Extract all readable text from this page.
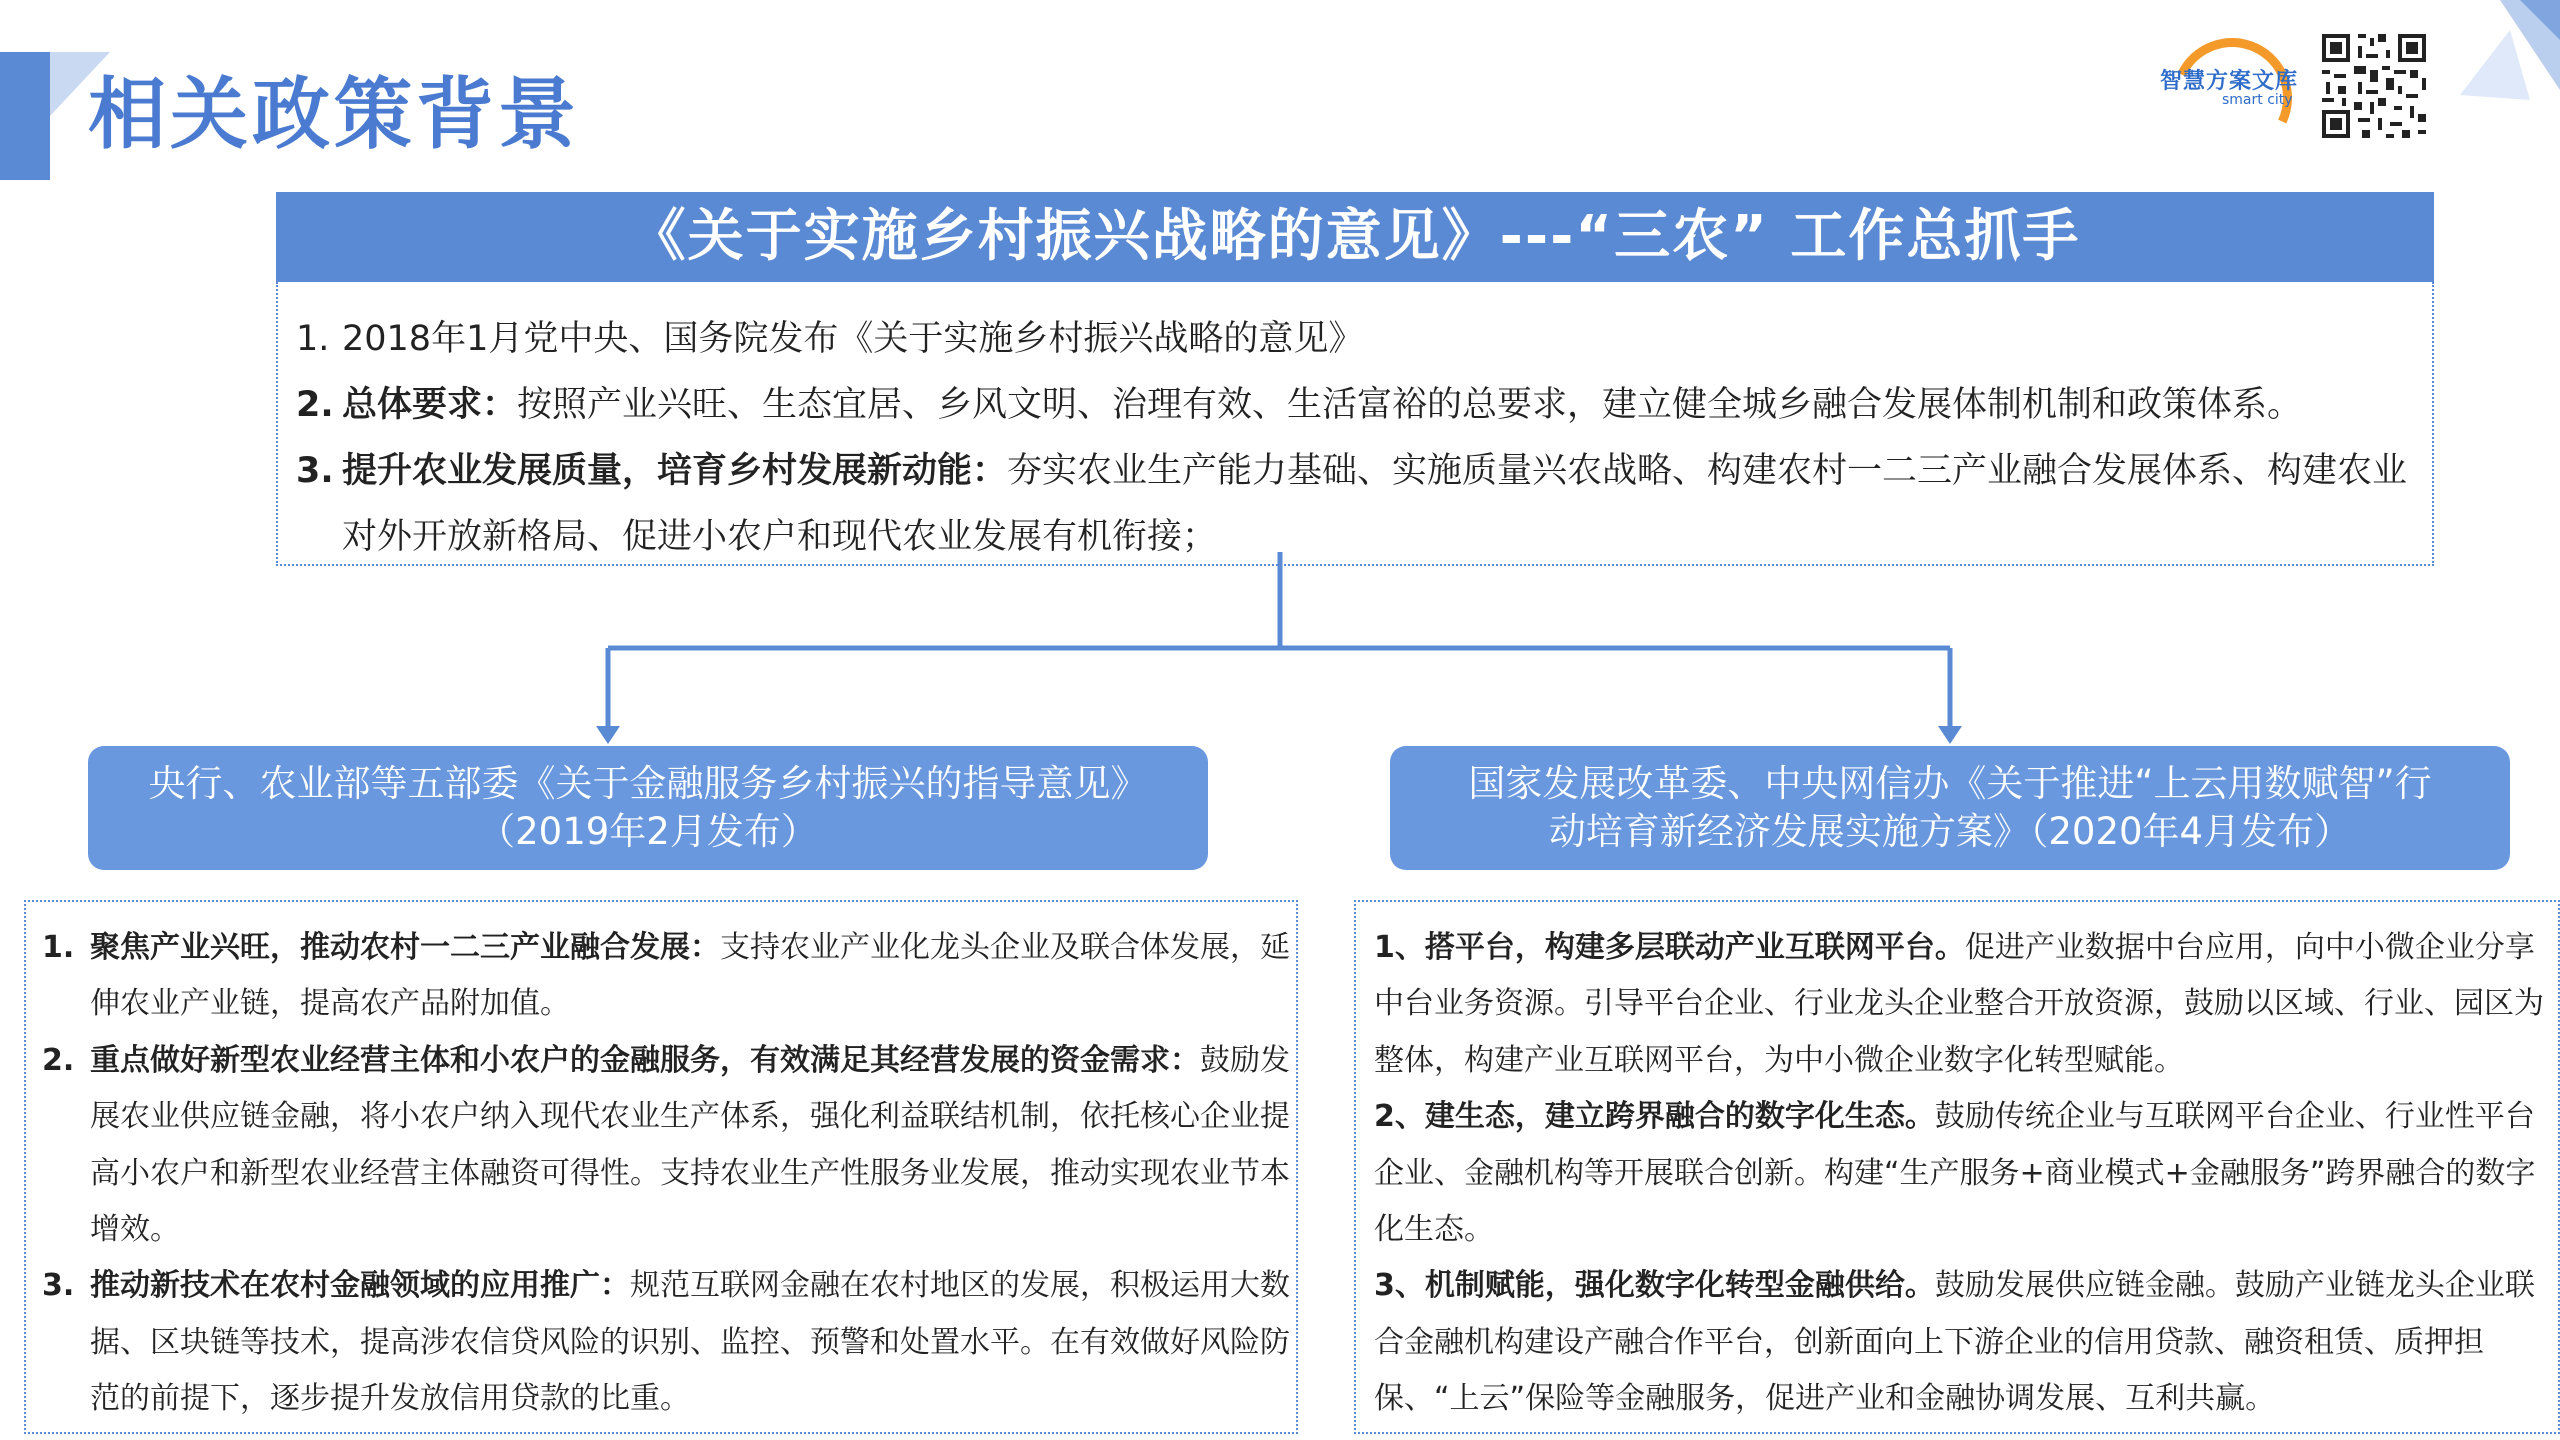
相关政策背景	智慧方案文库
smart city
《关于实施乡村振兴战略的意见》---“三农” 工作总抓手
1. 2018年1月党中央、国务院发布《关于实施乡村振兴战略的意见》
2. 总体要求：按照产业兴旺、生态宜居、乡风文明、治理有效、生活富裕的总要求，建立健全城乡融合发展体制机制和政策体系。
3. 提升农业发展质量，培育乡村发展新动能：夯实农业生产能力基础、实施质量兴农战略、构建农村一二三产业融合发展体系、构建农业对外开放新格局、促进小农户和现代农业发展有机衔接；
央行、农业部等五部委《关于金融服务乡村振兴的指导意见》
（2019年2月发布）
1. 聚焦产业兴旺，推动农村一二三产业融合发展：支持农业产业化龙头企业及联合体发展，延伸农业产业链，提高农产品附加值。
2. 重点做好新型农业经营主体和小农户的金融服务，有效满足其经营发展的资金需求：鼓励发展农业供应链金融，将小农户纳入现代农业生产体系，强化利益联结机制，依托核心企业提高小农户和新型农业经营主体融资可得性。支持农业生产性服务业发展，推动实现农业节本增效。
3. 推动新技术在农村金融领域的应用推广：规范互联网金融在农村地区的发展，积极运用大数据、区块链等技术，提高涉农信贷风险的识别、监控、预警和处置水平。在有效做好风险防范的前提下，逐步提升发放信用贷款的比重。
国家发展改革委、中央网信办《关于推进“上云用数赋智”行
动培育新经济发展实施方案》（2020年4月发布）
1、搭平台，构建多层联动产业互联网平台。促进产业数据中台应用，向中小微企业分享中台业务资源。引导平台企业、行业龙头企业整合开放资源，鼓励以区域、行业、园区为整体，构建产业互联网平台，为中小微企业数字化转型赋能。
2、建生态，建立跨界融合的数字化生态。鼓励传统企业与互联网平台企业、行业性平台企业、金融机构等开展联合创新。构建“生产服务+商业模式+金融服务”跨界融合的数字化生态。
3、机制赋能，强化数字化转型金融供给。鼓励发展供应链金融。鼓励产业链龙头企业联合金融机构建设产融合作平台，创新面向上下游企业的信用贷款、融资租赁、质押担保、“上云”保险等金融服务，促进产业和金融协调发展、互利共赢。
